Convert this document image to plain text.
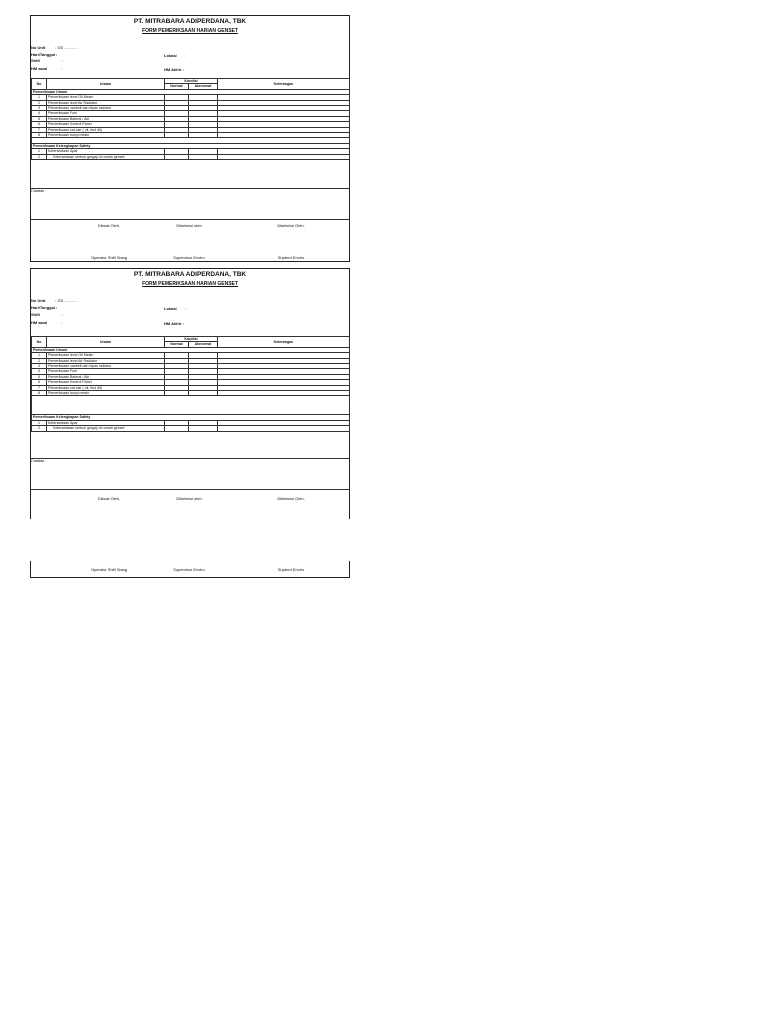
PT. MITRABARA ADIPERDANA, TBK
FORM PEMERIKSAAN HARIAN GENSET
No Unit	: GS ............
Hari/Tanggal :
Shift	:
HM awal	:
Lokasi :
HM Akhir :
No	Uraian	Kondisi		Keterangan
		Normal	Abnormal	
Pemeriksaan Umum				
1	Pemeriksaan level Oli Mesin			
2	Pemeriksaan level Air Radiator			
3	Pemeriksaan vanbelt dan kipas radiator			
4	Pemeriksaan Fuel			
5	Pemeriksaan Baterai / Aki			
6	Pemeriksaan Kontrol Panel			
7	Pemeriksaan cat cair ( oli, feul dll)			
8	Pemeriksaan bunyi mesin			

Pemeriksaan Kelengkapan Safety				
1	Ketersediaan Apar			
2	Ketersediaan serbuk gergaji di rumah genset			
Catatan :
Dibuat Oleh,	Diketahui oleh	Diketahui Oleh,
Operator Shift Siang	Supervisor Enviro	Supterd Enviro
PT. MITRABARA ADIPERDANA, TBK
FORM PEMERIKSAAN HARIAN GENSET
No Unit	: GS ............
Hari/Tanggal :
Shift	:
HM awal	:
Lokasi :
HM Akhir :
No	Uraian	Kondisi		Keterangan
		Normal	Abnormal	
Pemeriksaan Umum				
1	Pemeriksaan level Oli Mesin			
2	Pemeriksaan level Air Radiator			
3	Pemeriksaan vanbelt dan kipas radiator			
4	Pemeriksaan Fuel			
5	Pemeriksaan Baterai / Aki			
6	Pemeriksaan Kontrol Panel			
7	Pemeriksaan cat cair ( oli, feul dll)			
8	Pemeriksaan bunyi mesin			

Pemeriksaan Kelengkapan Safety				
1	Ketersediaan Apar			
2	Ketersediaan serbuk gergaji di rumah genset			
Catatan :
Dibuat Oleh,	Diketahui oleh	Diketahui Oleh,
Operator Shift Siang	Supervisor Enviro	Supterd Enviro
